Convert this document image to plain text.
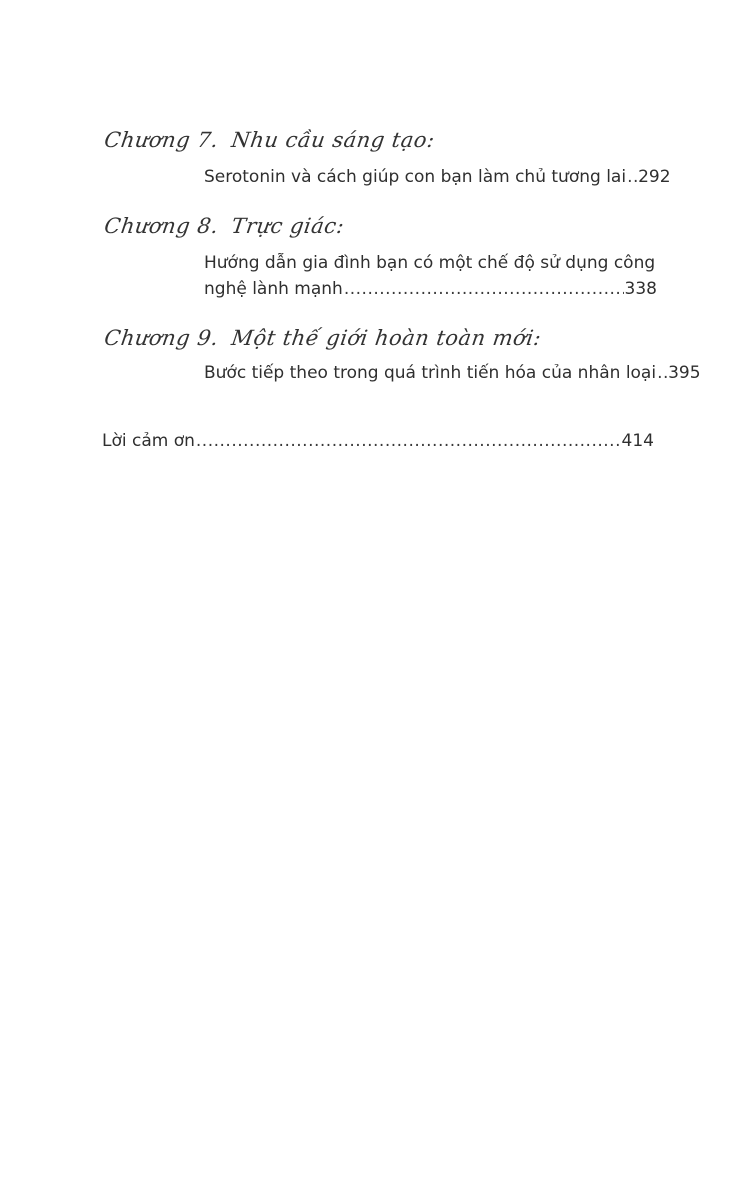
Chương 7. Nhu cầu sáng tạo:
Serotonin và cách giúp con bạn làm chủ tương lai ..... 292
Chương 8. Trực giác:
Hướng dẫn gia đình bạn có một chế độ sử dụng công
nghệ lành mạnh .....	338
Chương 9. Một thế giới hoàn toàn mới:
Bước tiếp theo trong quá trình tiến hóa của nhân loại ..... 395
Lời cảm ơn .....	414
